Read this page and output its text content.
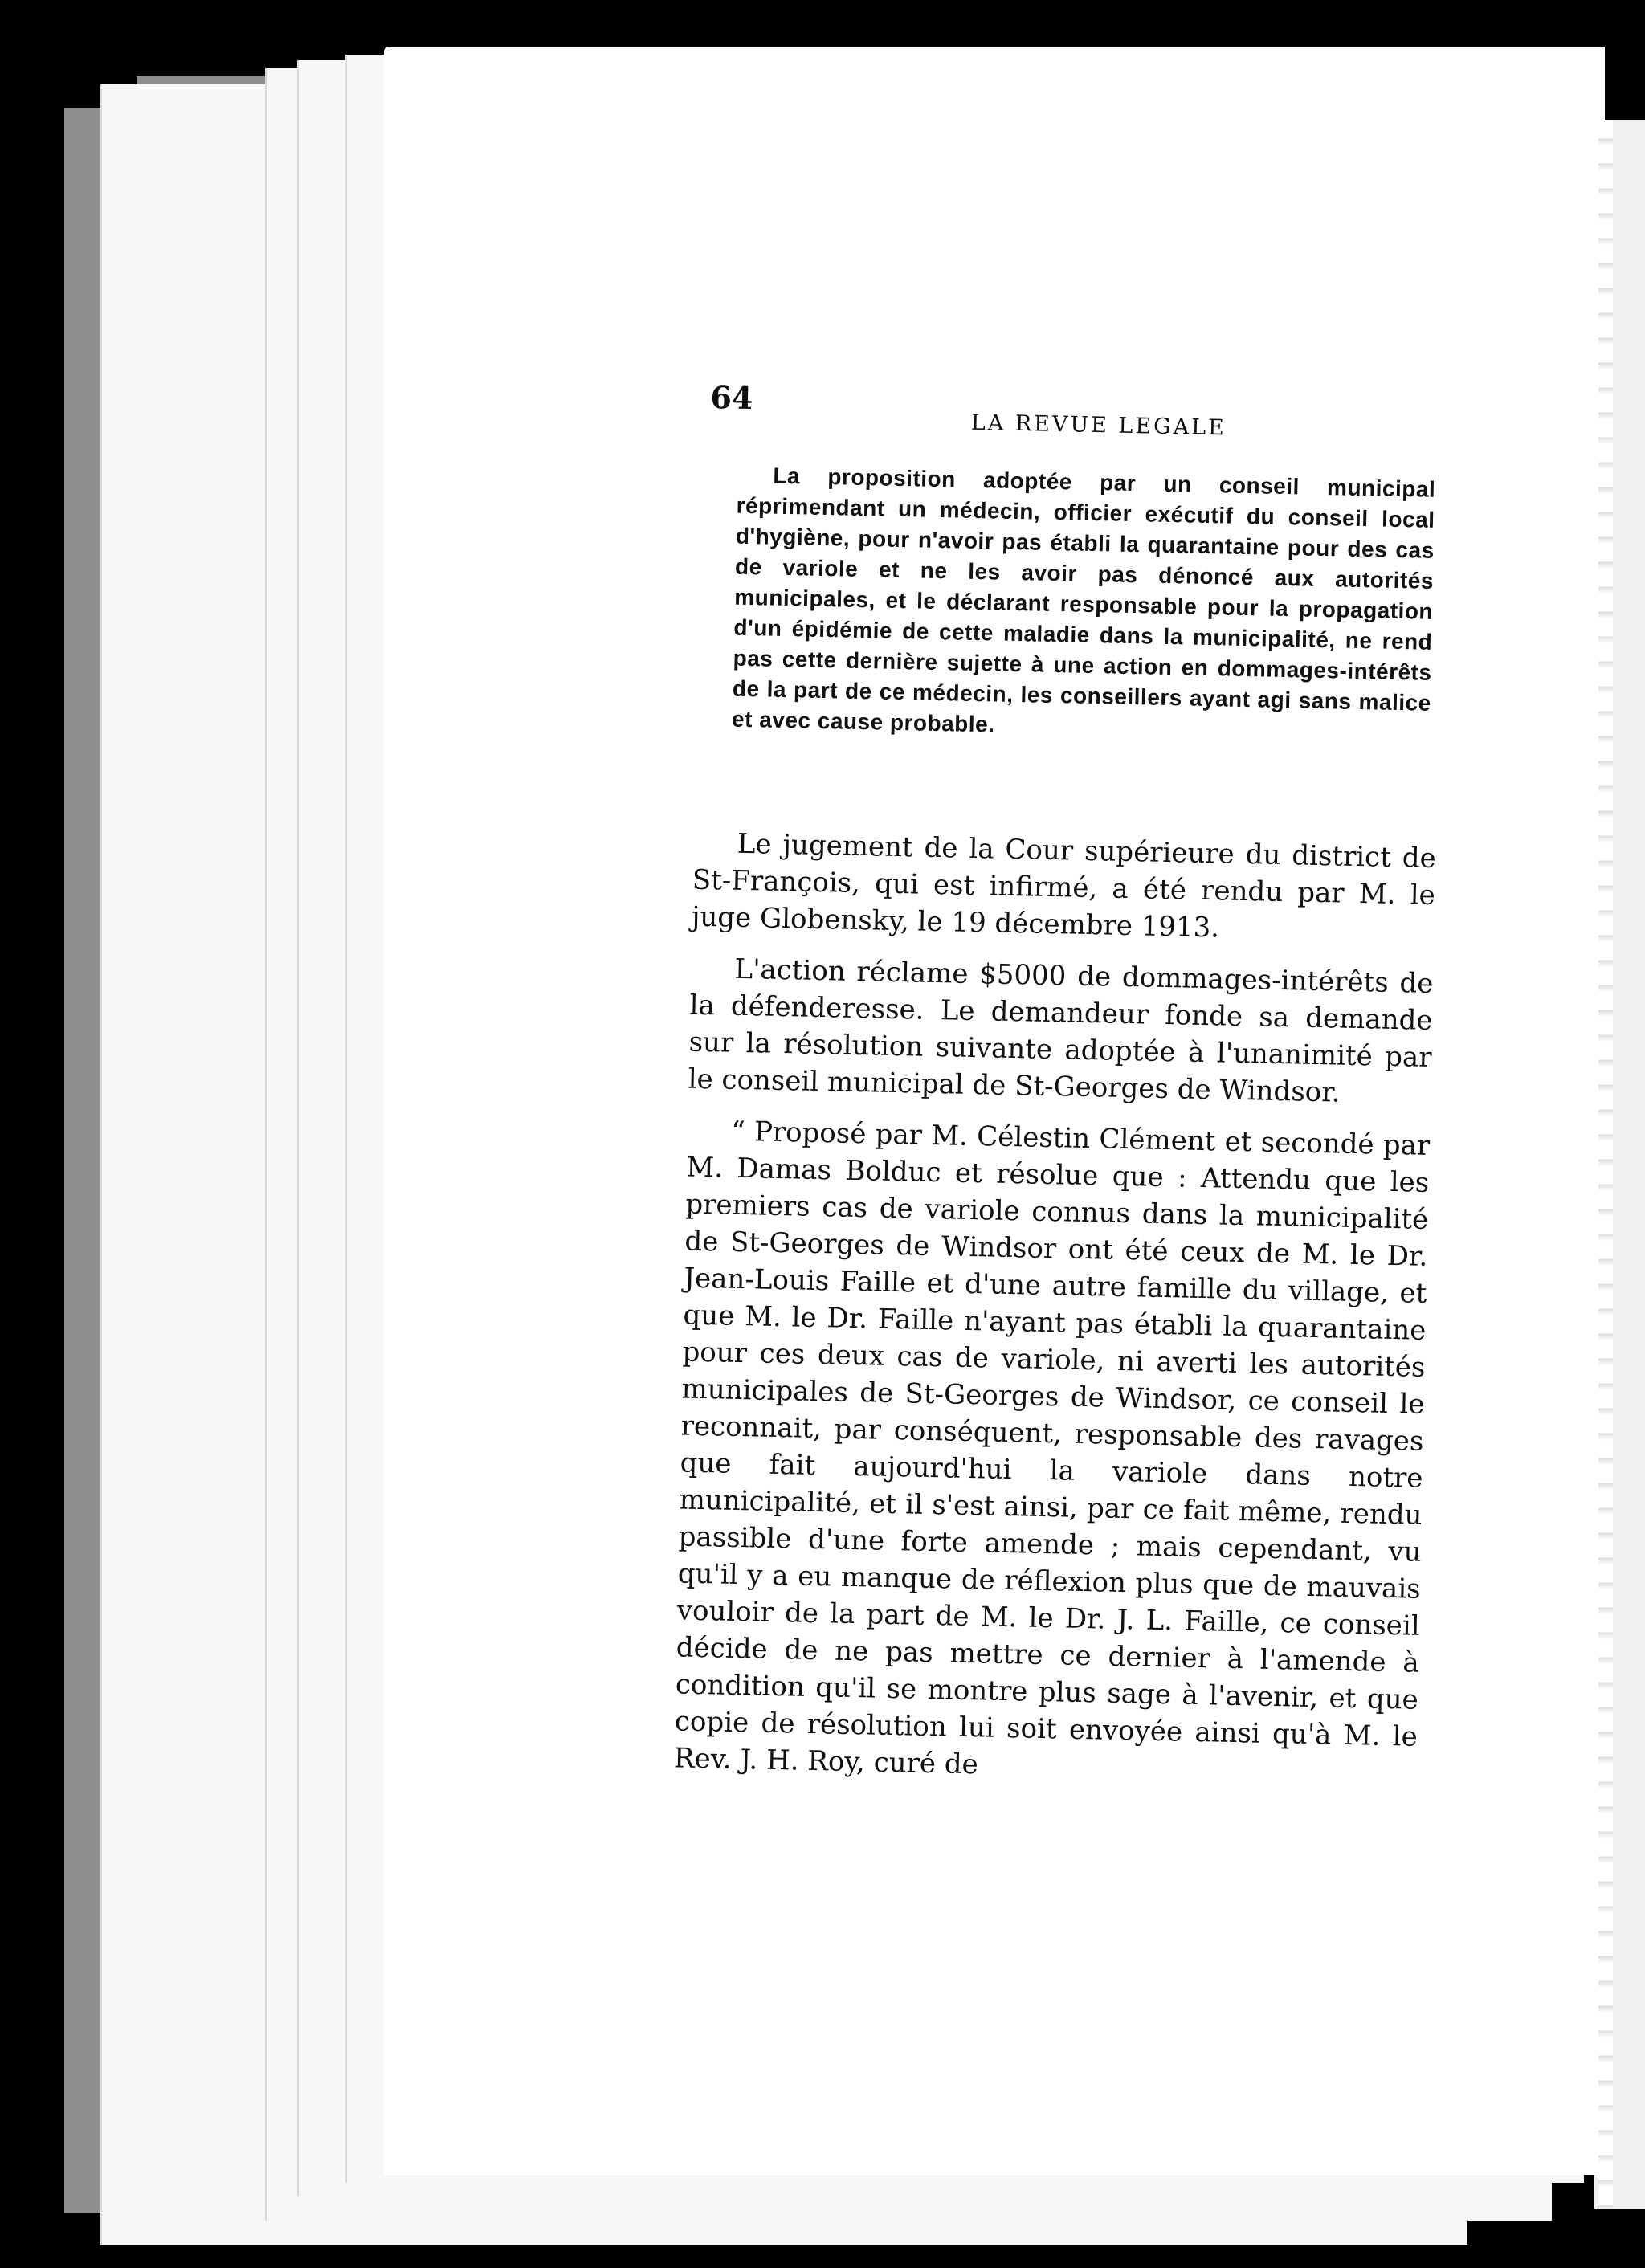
64
LA REVUE LEGALE
La proposition adoptée par un conseil municipal réprimendant un médecin, officier exécutif du conseil local d'hygiène, pour n'avoir pas établi la quarantaine pour des cas de variole et ne les avoir pas dénoncé aux autorités municipales, et le déclarant responsable pour la propagation d'un épidémie de cette maladie dans la municipalité, ne rend pas cette dernière sujette à une action en dommages-intérêts de la part de ce médecin, les conseillers ayant agi sans malice et avec cause probable.

Le jugement de la Cour supérieure du district de St-François, qui est infirmé, a été rendu par M. le juge Globensky, le 19 décembre 1913.

L'action réclame $5000 de dommages-intérêts de la défenderesse. Le demandeur fonde sa demande sur la résolution suivante adoptée à l'unanimité par le conseil municipal de St-Georges de Windsor.

“ Proposé par M. Célestin Clément et secondé par M. Damas Bolduc et résolue que : Attendu que les premiers cas de variole connus dans la municipalité de St-Georges de Windsor ont été ceux de M. le Dr. Jean-Louis Faille et d'une autre famille du village, et que M. le Dr. Faille n'ayant pas établi la quarantaine pour ces deux cas de variole, ni averti les autorités municipales de St-Georges de Windsor, ce conseil le reconnait, par conséquent, responsable des ravages que fait aujourd'hui la variole dans notre municipalité, et il s'est ainsi, par ce fait même, rendu passible d'une forte amende ; mais cependant, vu qu'il y a eu manque de réflexion plus que de mauvais vouloir de la part de M. le Dr. J. L. Faille, ce conseil décide de ne pas mettre ce dernier à l'amende à condition qu'il se montre plus sage à l'avenir, et que copie de résolution lui soit envoyée ainsi qu'à M. le Rev. J. H. Roy, curé de
